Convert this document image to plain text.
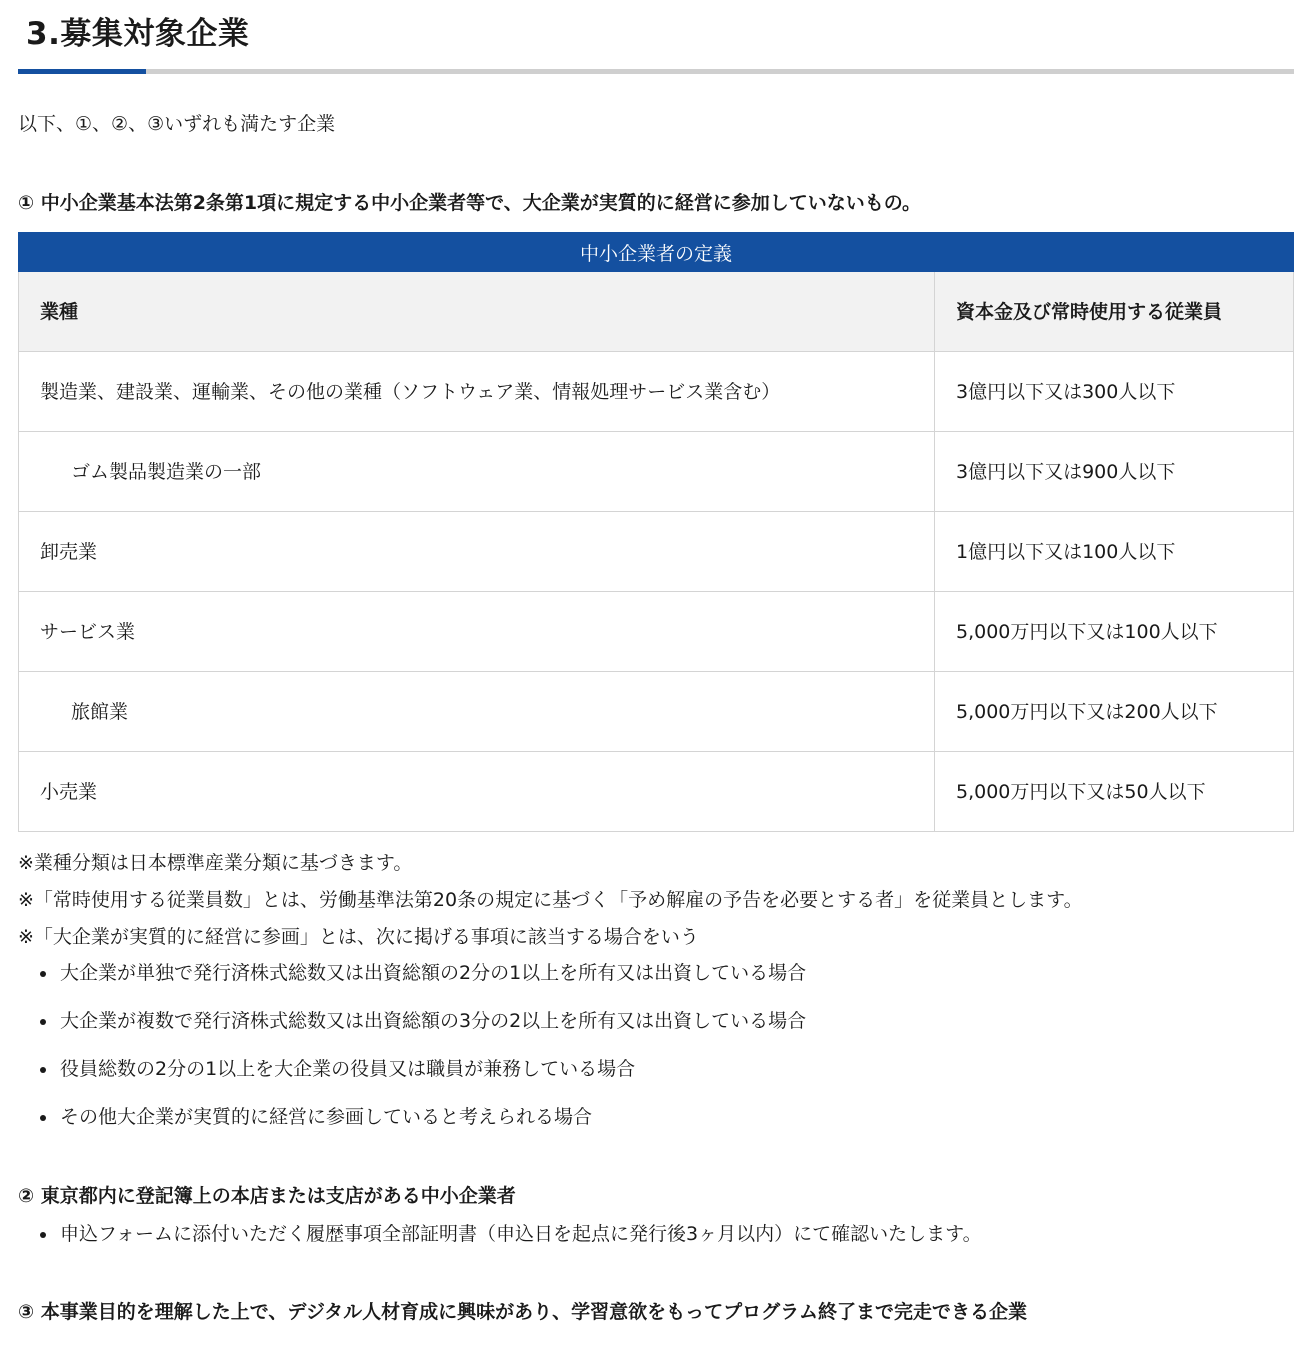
3.募集対象企業
以下、①、②、③いずれも満たす企業
① 中小企業基本法第2条第1項に規定する中小企業者等で、大企業が実質的に経営に参加していないもの。
中小企業者の定義	
業種	資本金及び常時使用する従業員
製造業、建設業、運輸業、その他の業種（ソフトウェア業、情報処理サービス業含む）	3億円以下又は300人以下
ゴム製品製造業の一部	3億円以下又は900人以下
卸売業	1億円以下又は100人以下
サービス業	5,000万円以下又は100人以下
旅館業	5,000万円以下又は200人以下
小売業	5,000万円以下又は50人以下
※業種分類は日本標準産業分類に基づきます。
※「常時使用する従業員数」とは、労働基準法第20条の規定に基づく「予め解雇の予告を必要とする者」を従業員とします。
※「大企業が実質的に経営に参画」とは、次に掲げる事項に該当する場合をいう
大企業が単独で発行済株式総数又は出資総額の2分の1以上を所有又は出資している場合
大企業が複数で発行済株式総数又は出資総額の3分の2以上を所有又は出資している場合
役員総数の2分の1以上を大企業の役員又は職員が兼務している場合
その他大企業が実質的に経営に参画していると考えられる場合
② 東京都内に登記簿上の本店または支店がある中小企業者
申込フォームに添付いただく履歴事項全部証明書（申込日を起点に発行後3ヶ月以内）にて確認いたします。
③ 本事業目的を理解した上で、デジタル人材育成に興味があり、学習意欲をもってプログラム終了まで完走できる企業
